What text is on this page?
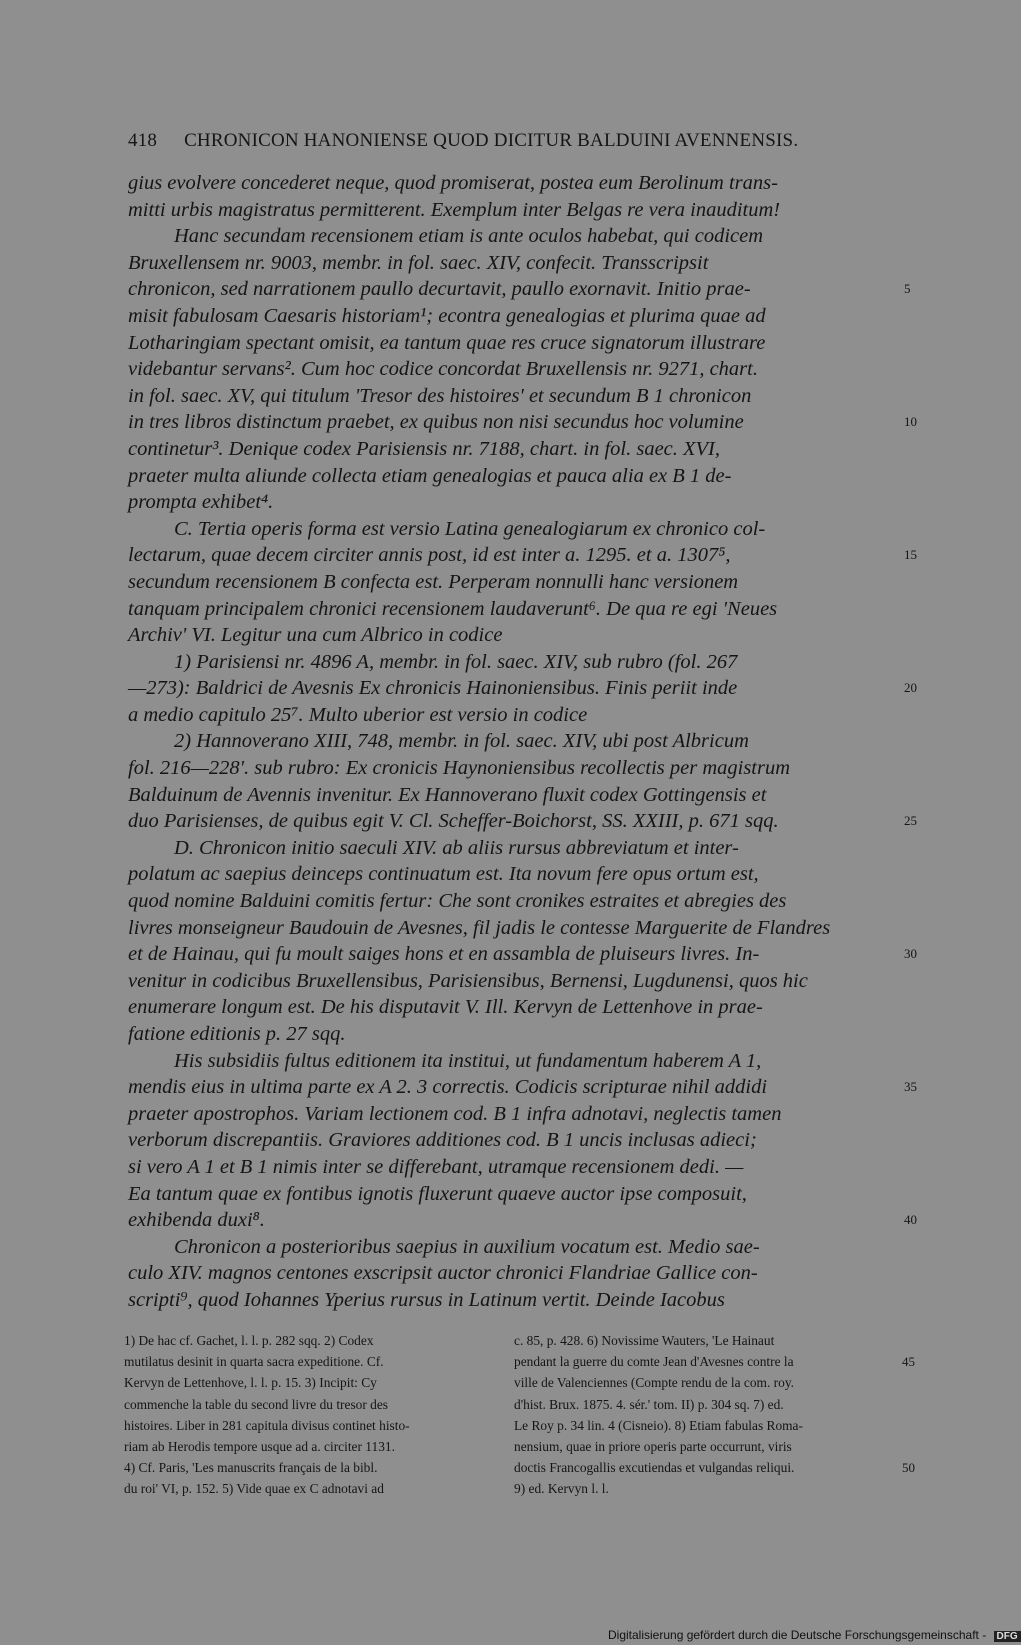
418 CHRONICON HANONIENSE QUOD DICITUR BALDUINI AVENNENSIS.
gius evolvere concederet neque, quod promiserat, postea eum Berolinum trans-
mitti urbis magistratus permitterent. Exemplum inter Belgas re vera inauditum!
Hanc secundam recensionem etiam is ante oculos habebat, qui codicem
Bruxellensem nr. 9003, membr. in fol. saec. XIV, confecit. Transscripsit
chronicon, sed narrationem paullo decurtavit, paullo exornavit. Initio prae-	5
misit fabulosam Caesaris historiam¹; econtra genealogias et plurima quae ad
Lotharingiam spectant omisit, ea tantum quae res cruce signatorum illustrare
videbantur servans². Cum hoc codice concordat Bruxellensis nr. 9271, chart.
in fol. saec. XV, qui titulum 'Tresor des histoires' et secundum B 1 chronicon
in tres libros distinctum praebet, ex quibus non nisi secundus hoc volumine	10
continetur³. Denique codex Parisiensis nr. 7188, chart. in fol. saec. XVI,
praeter multa aliunde collecta etiam genealogias et pauca alia ex B 1 de-
prompta exhibet⁴.
C. Tertia operis forma est versio Latina genealogiarum ex chronico col-
lectarum, quae decem circiter annis post, id est inter a. 1295. et a. 1307⁵,	15
secundum recensionem B confecta est. Perperam nonnulli hanc versionem
tanquam principalem chronici recensionem laudaverunt⁶. De qua re egi 'Neues
Archiv' VI. Legitur una cum Albrico in codice
1) Parisiensi nr. 4896 A, membr. in fol. saec. XIV, sub rubro (fol. 267
—273): Baldrici de Avesnis Ex chronicis Hainoniensibus. Finis periit inde	20
a medio capitulo 25⁷. Multo uberior est versio in codice
2) Hannoverano XIII, 748, membr. in fol. saec. XIV, ubi post Albricum
fol. 216—228'. sub rubro: Ex cronicis Haynoniensibus recollectis per magistrum
Balduinum de Avennis invenitur. Ex Hannoverano fluxit codex Gottingensis et
duo Parisienses, de quibus egit V. Cl. Scheffer-Boichorst, SS. XXIII, p. 671 sqq.	25
D. Chronicon initio saeculi XIV. ab aliis rursus abbreviatum et inter-
polatum ac saepius deinceps continuatum est. Ita novum fere opus ortum est,
quod nomine Balduini comitis fertur: Che sont cronikes estraites et abregies des
livres monseigneur Baudouin de Avesnes, fil jadis le contesse Marguerite de Flandres
et de Hainau, qui fu moult saiges hons et en assambla de pluiseurs livres. In-	30
venitur in codicibus Bruxellensibus, Parisiensibus, Bernensi, Lugdunensi, quos hic
enumerare longum est. De his disputavit V. Ill. Kervyn de Lettenhove in prae-
fatione editionis p. 27 sqq.
His subsidiis fultus editionem ita institui, ut fundamentum haberem A 1,
mendis eius in ultima parte ex A 2. 3 correctis. Codicis scripturae nihil addidi	35
praeter apostrophos. Variam lectionem cod. B 1 infra adnotavi, neglectis tamen
verborum discrepantiis. Graviores additiones cod. B 1 uncis inclusas adieci;
si vero A 1 et B 1 nimis inter se differebant, utramque recensionem dedi. —
Ea tantum quae ex fontibus ignotis fluxerunt quaeve auctor ipse composuit,
exhibenda duxi⁸.	40
Chronicon a posterioribus saepius in auxilium vocatum est. Medio sae-
culo XIV. magnos centones exscripsit auctor chronici Flandriae Gallice con-
scripti⁹, quod Iohannes Yperius rursus in Latinum vertit. Deinde Iacobus
1) De hac cf. Gachet, l. l. p. 282 sqq. 2) Codex
mutilatus desinit in quarta sacra expeditione. Cf.
Kervyn de Lettenhove, l. l. p. 15. 3) Incipit: Cy
commenche la table du second livre du tresor des
histoires. Liber in 281 capitula divisus continet histo-
riam ab Herodis tempore usque ad a. circiter 1131.
4) Cf. Paris, 'Les manuscrits français de la bibl.
du roi' VI, p. 152. 5) Vide quae ex C adnotavi ad
c. 85, p. 428. 6) Novissime Wauters, 'Le Hainaut
pendant la guerre du comte Jean d'Avesnes contre la	45
ville de Valenciennes (Compte rendu de la com. roy.
d'hist. Brux. 1875. 4. sér.' tom. II) p. 304 sq. 7) ed.
Le Roy p. 34 lin. 4 (Cisneio). 8) Etiam fabulas Roma-
nensium, quae in priore operis parte occurrunt, viris
doctis Francogallis excutiendas et vulgandas reliqui.	50
9) ed. Kervyn l. l.
Digitalisierung gefördert durch die Deutsche Forschungsgemeinschaft - DFG
